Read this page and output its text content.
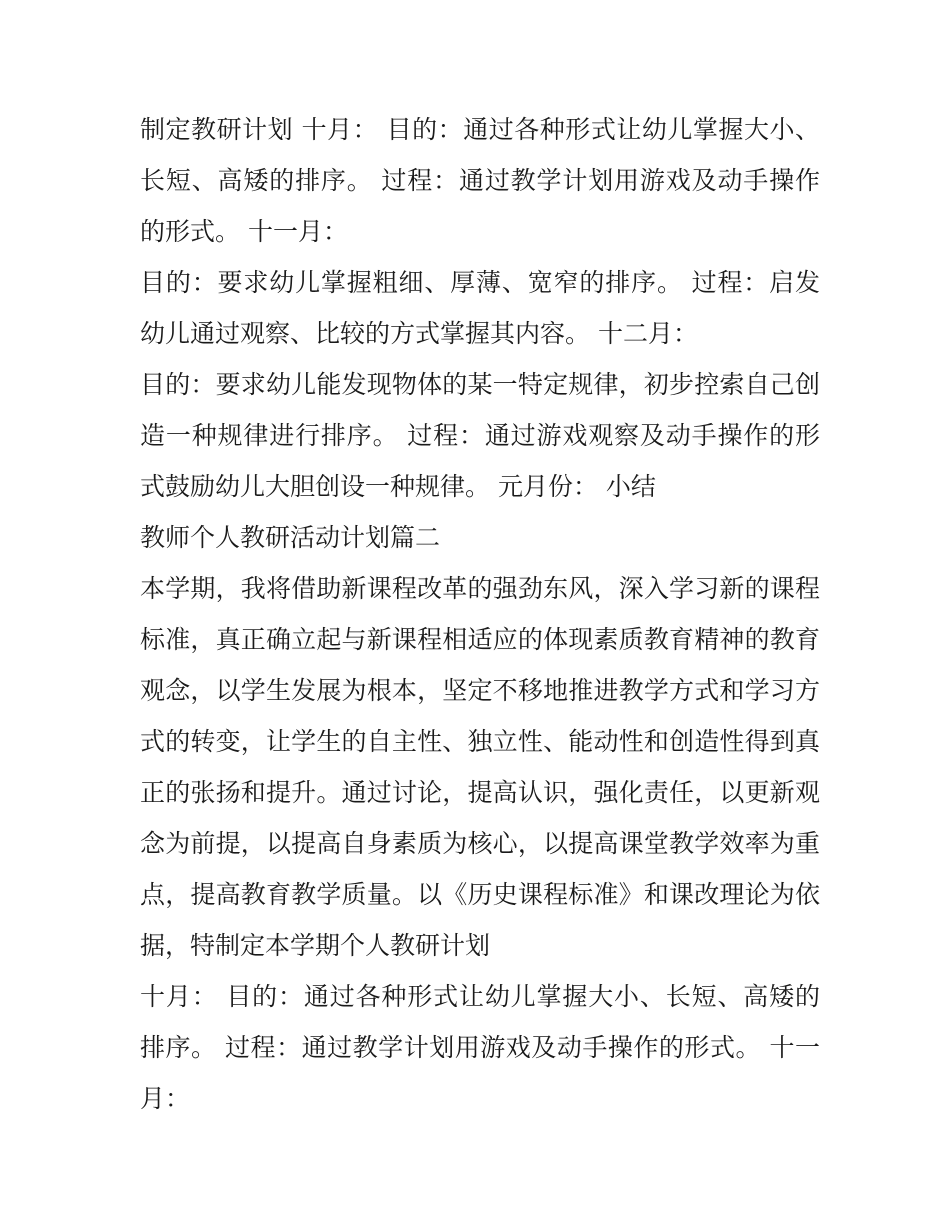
制定教研计划 十月： 目的：通过各种形式让幼儿掌握大小、长短、高矮的排序。 过程：通过教学计划用游戏及动手操作的形式。 十一月：

目的：要求幼儿掌握粗细、厚薄、宽窄的排序。 过程：启发幼儿通过观察、比较的方式掌握其内容。 十二月：

目的：要求幼儿能发现物体的某一特定规律，初步控索自己创造一种规律进行排序。 过程：通过游戏观察及动手操作的形式鼓励幼儿大胆创设一种规律。 元月份： 小结

教师个人教研活动计划篇二

本学期，我将借助新课程改革的强劲东风，深入学习新的课程标准，真正确立起与新课程相适应的体现素质教育精神的教育观念，以学生发展为根本，坚定不移地推进教学方式和学习方式的转变，让学生的自主性、独立性、能动性和创造性得到真正的张扬和提升。通过讨论，提高认识，强化责任，以更新观念为前提，以提高自身素质为核心，以提高课堂教学效率为重点，提高教育教学质量。以《历史课程标准》和课改理论为依据，特制定本学期个人教研计划

十月： 目的：通过各种形式让幼儿掌握大小、长短、高矮的排序。 过程：通过教学计划用游戏及动手操作的形式。 十一月：
